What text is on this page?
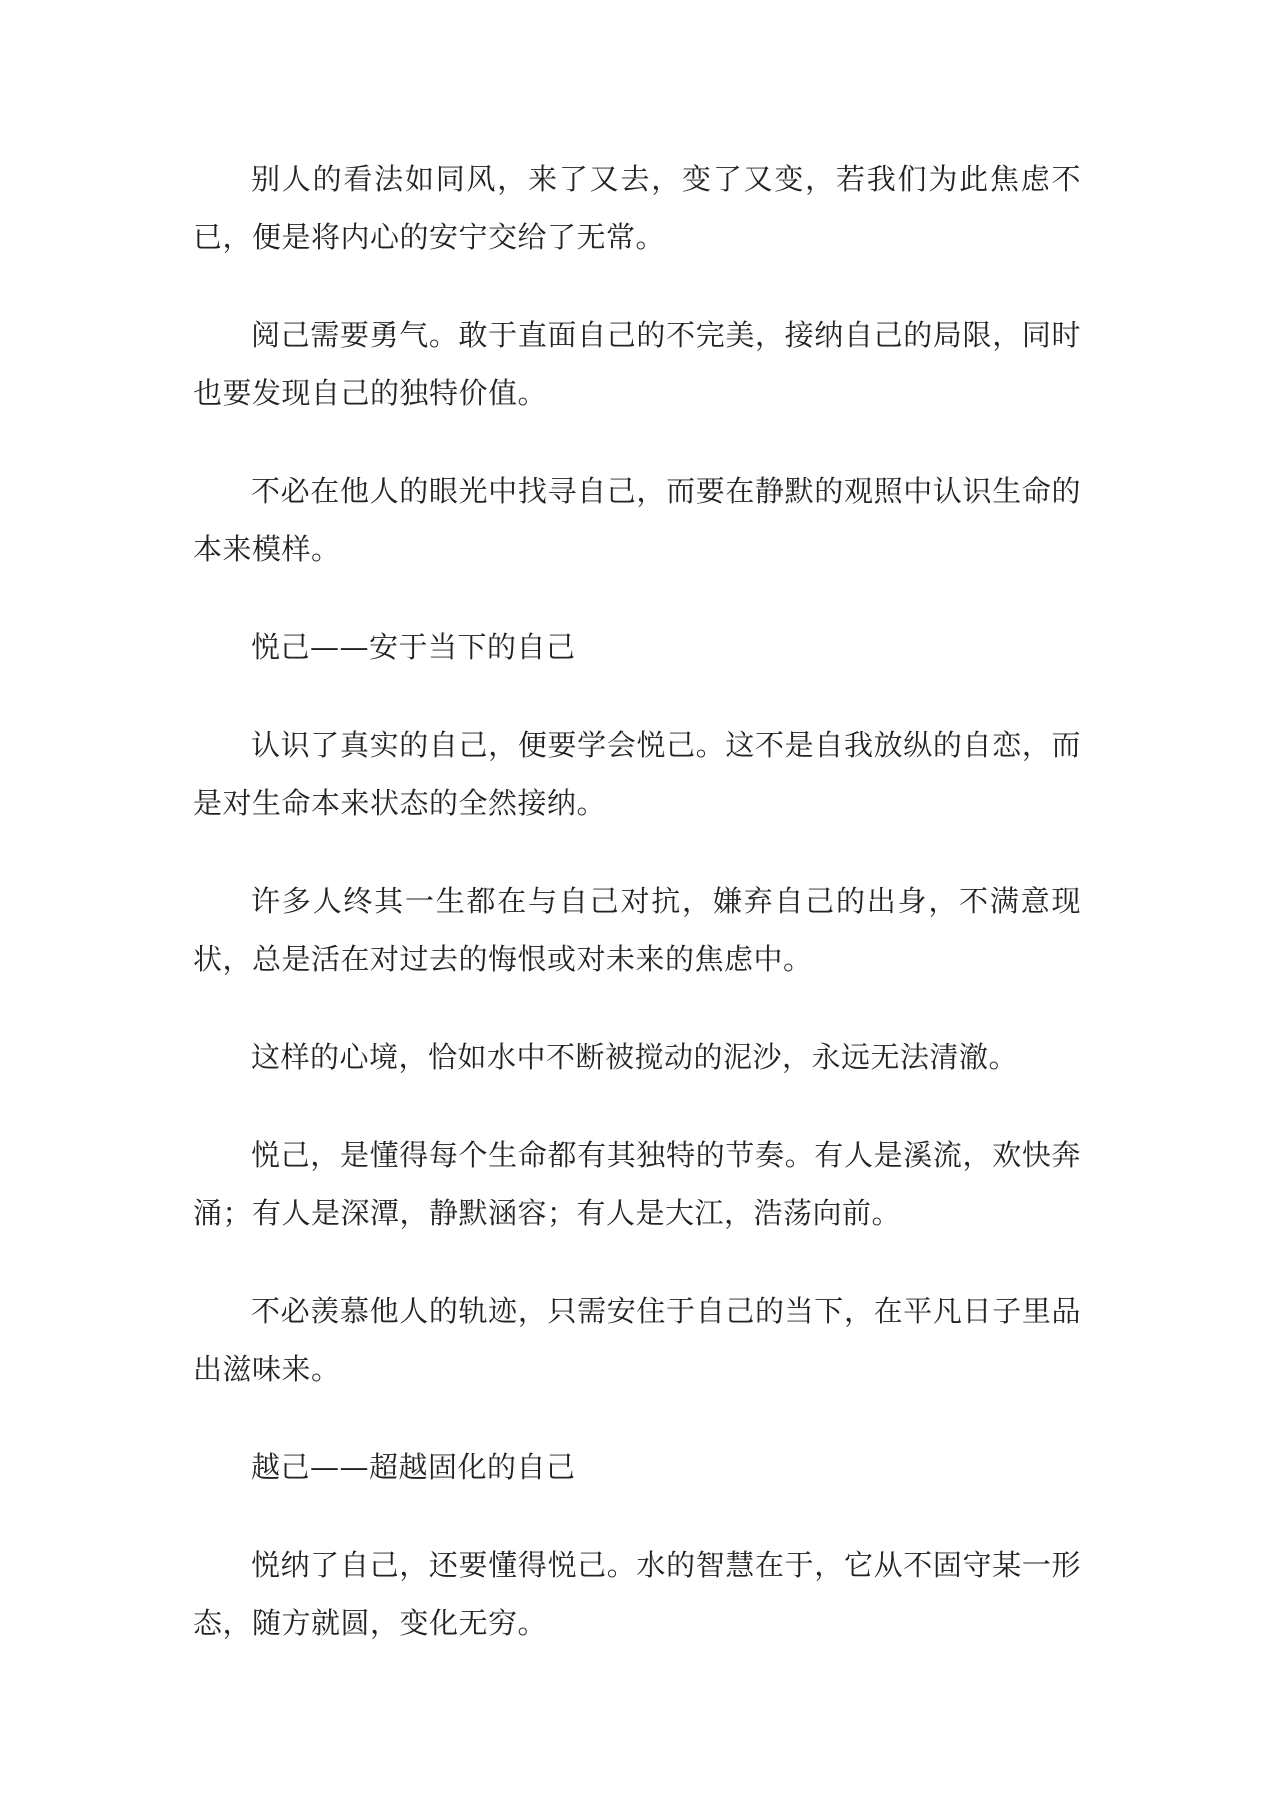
别人的看法如同风，来了又去，变了又变，若我们为此焦虑不已，便是将内心的安宁交给了无常。

阅己需要勇气。敢于直面自己的不完美，接纳自己的局限，同时也要发现自己的独特价值。

不必在他人的眼光中找寻自己，而要在静默的观照中认识生命的本来模样。

悦己——安于当下的自己

认识了真实的自己，便要学会悦己。这不是自我放纵的自恋，而是对生命本来状态的全然接纳。

许多人终其一生都在与自己对抗，嫌弃自己的出身，不满意现状，总是活在对过去的悔恨或对未来的焦虑中。

这样的心境，恰如水中不断被搅动的泥沙，永远无法清澈。

悦己，是懂得每个生命都有其独特的节奏。有人是溪流，欢快奔涌；有人是深潭，静默涵容；有人是大江，浩荡向前。

不必羡慕他人的轨迹，只需安住于自己的当下，在平凡日子里品出滋味来。

越己——超越固化的自己

悦纳了自己，还要懂得悦己。水的智慧在于，它从不固守某一形态，随方就圆，变化无穷。
